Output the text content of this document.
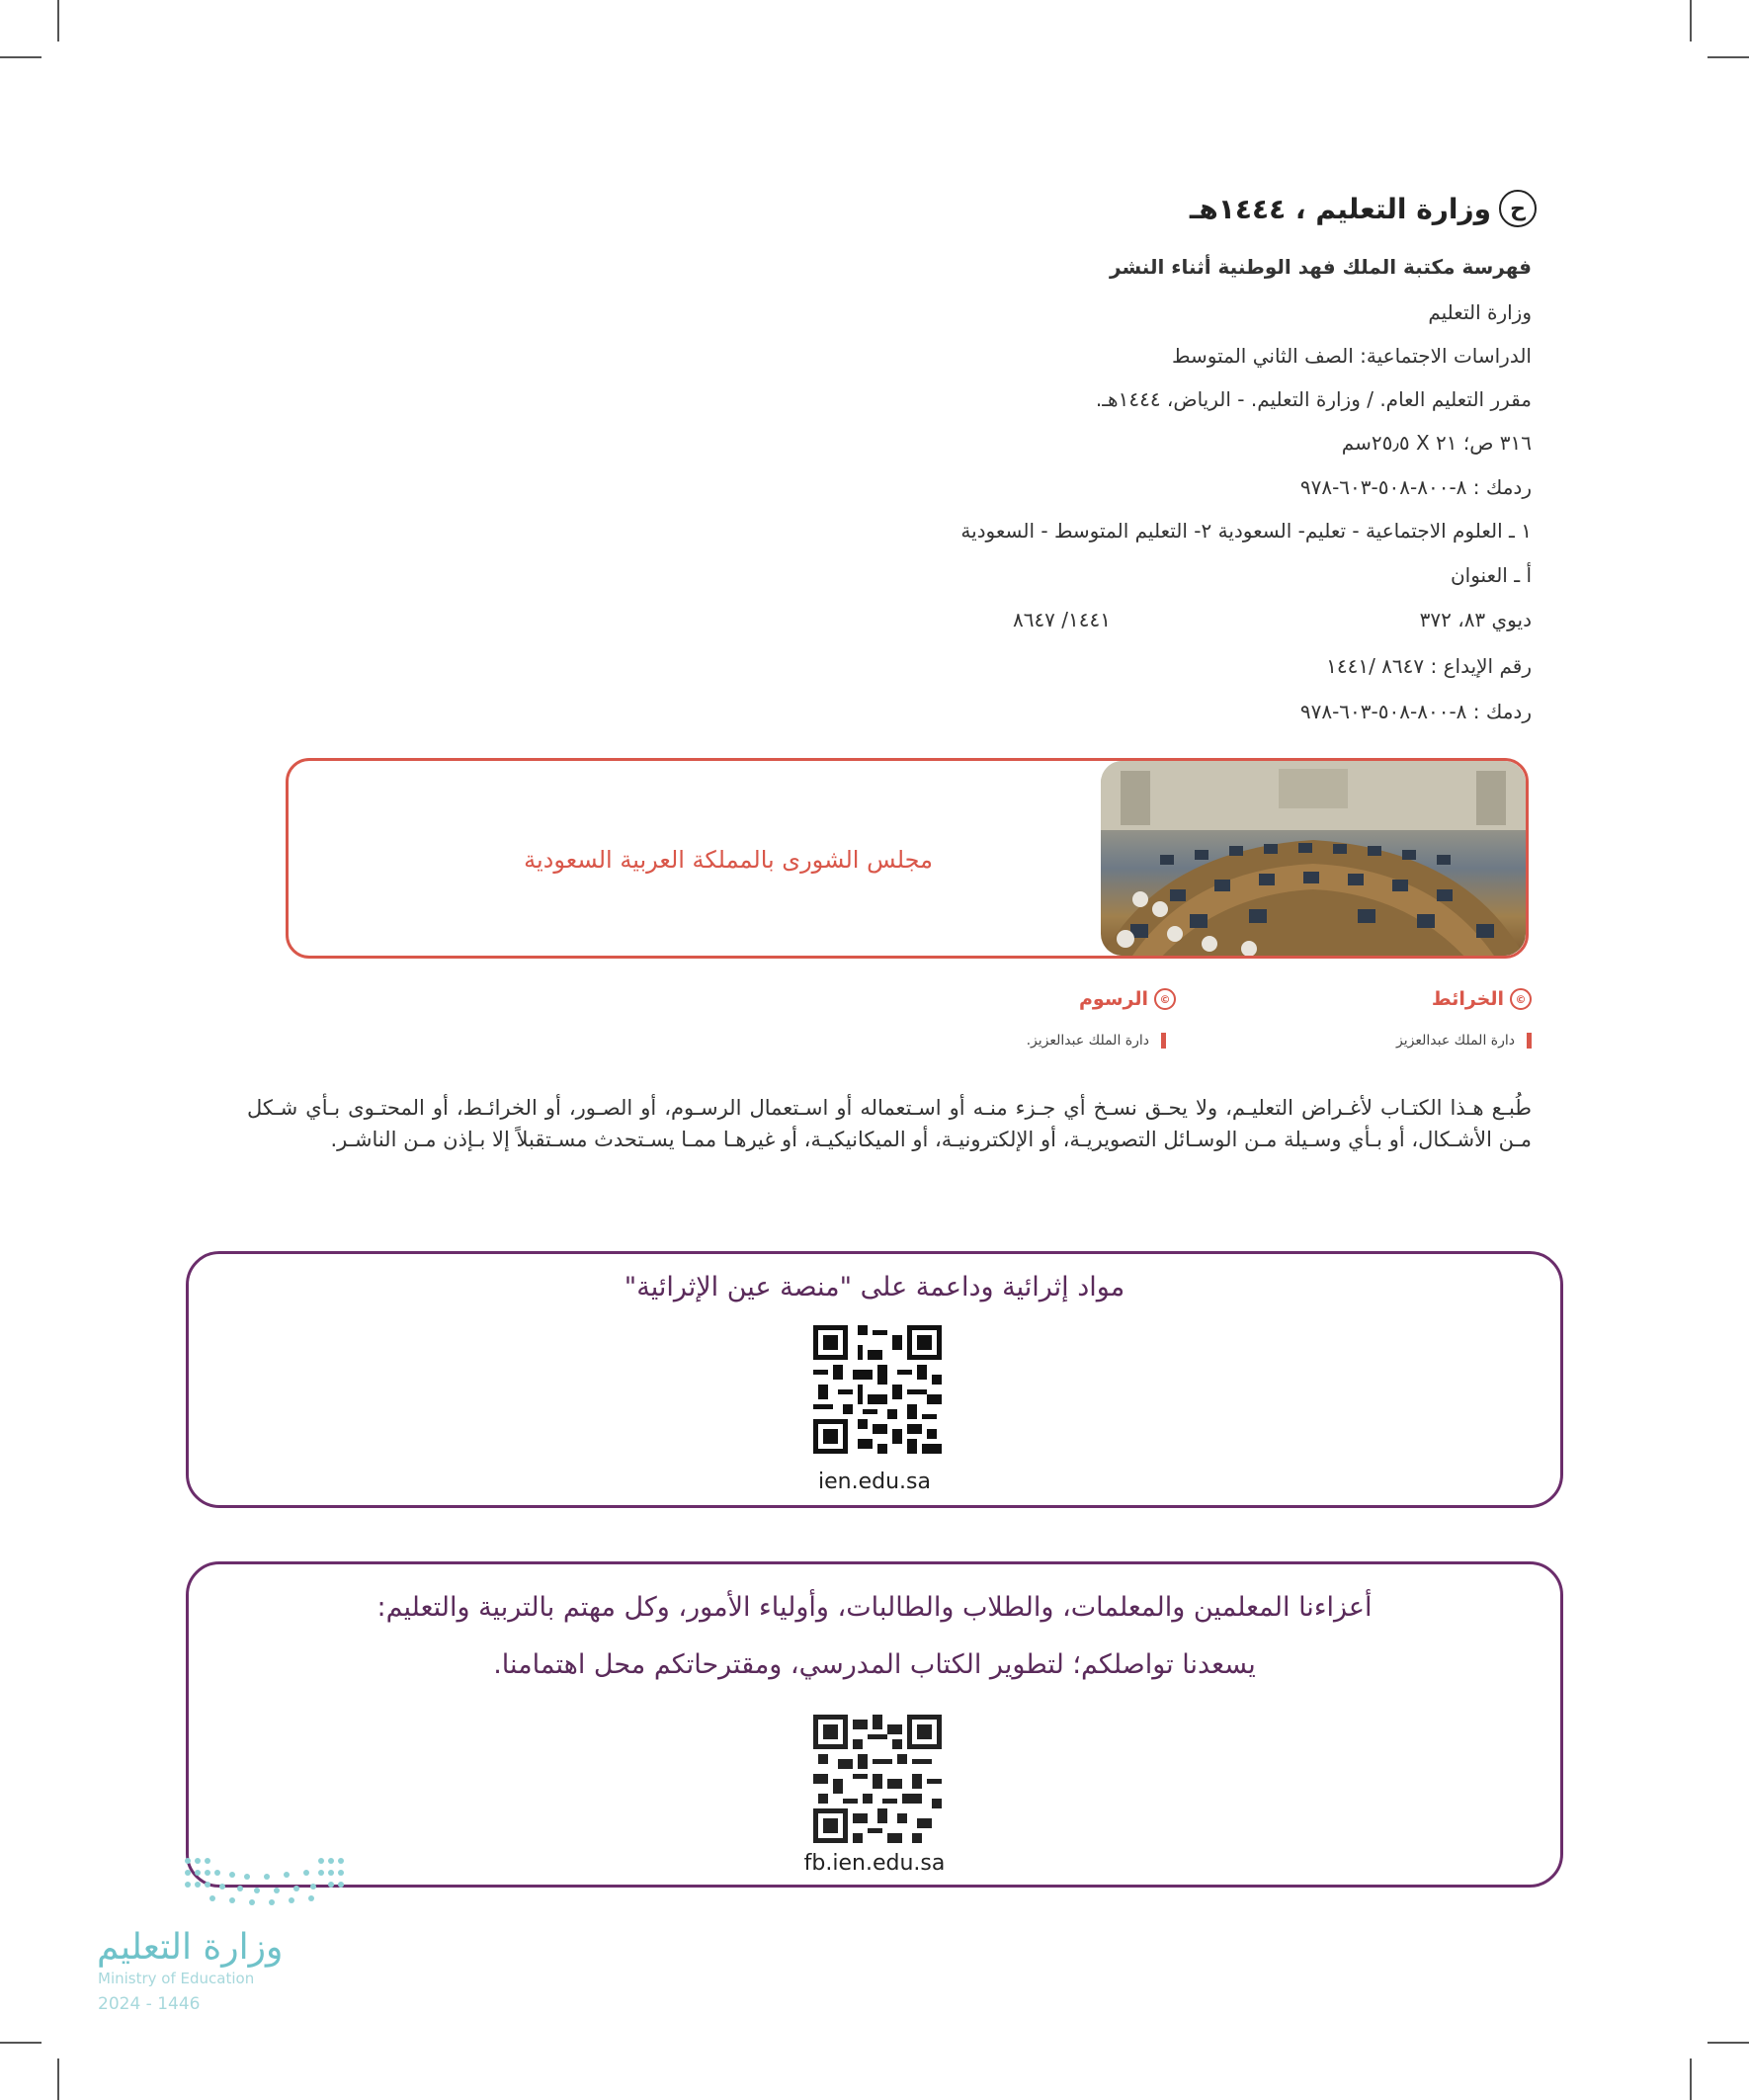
ح
وزارة التعليم ، ١٤٤٤هـ
فهرسة مكتبة الملك فهد الوطنية أثناء النشر
وزارة التعليم
الدراسات الاجتماعية: الصف الثاني المتوسط
مقرر التعليم العام. / وزارة التعليم. - الرياض، ١٤٤٤هـ.
٣١٦ ص؛ ٢١ X ٢٥٫٥سم
ردمك : ٨-٨٠٠-٥٠٨-٦٠٣-٩٧٨
١ ـ العلوم الاجتماعية - تعليم- السعودية ٢- التعليم المتوسط - السعودية
أ ـ العنوان
ديوي ٨٣، ٣٧٢
١٤٤١/ ٨٦٤٧
رقم الإيداع : ٨٦٤٧ /١٤٤١
ردمك : ٨-٨٠٠-٥٠٨-٦٠٣-٩٧٨
مجلس الشورى بالمملكة العربية السعودية
©
الخرائط
دارة الملك عبدالعزيز
©
الرسوم
دارة الملك عبدالعزيز.
طُبـع هـذا الكتـاب لأغـراض التعليـم، ولا يحـق نسـخ أي جـزء منـه أو اسـتعماله أو اسـتعمال الرسـوم، أو الصـور، أو الخرائـط، أو المحتـوى بـأي شـكل مـن الأشـكال، أو بـأي وسـيلة مـن الوسـائل التصويريـة، أو الإلكترونيـة، أو الميكانيكيـة، أو غيرهـا ممـا يسـتحدث مسـتقبلاً إلا بـإذن مـن الناشـر.
مواد إثرائية وداعمة على "منصة عين الإثرائية"
ien.edu.sa
أعزاءنا المعلمين والمعلمات، والطلاب والطالبات، وأولياء الأمور، وكل مهتم بالتربية والتعليم:
يسعدنا تواصلكم؛ لتطوير الكتاب المدرسي، ومقترحاتكم محل اهتمامنا.
fb.ien.edu.sa
وزارة التعليم
Ministry of Education
2024 - 1446
